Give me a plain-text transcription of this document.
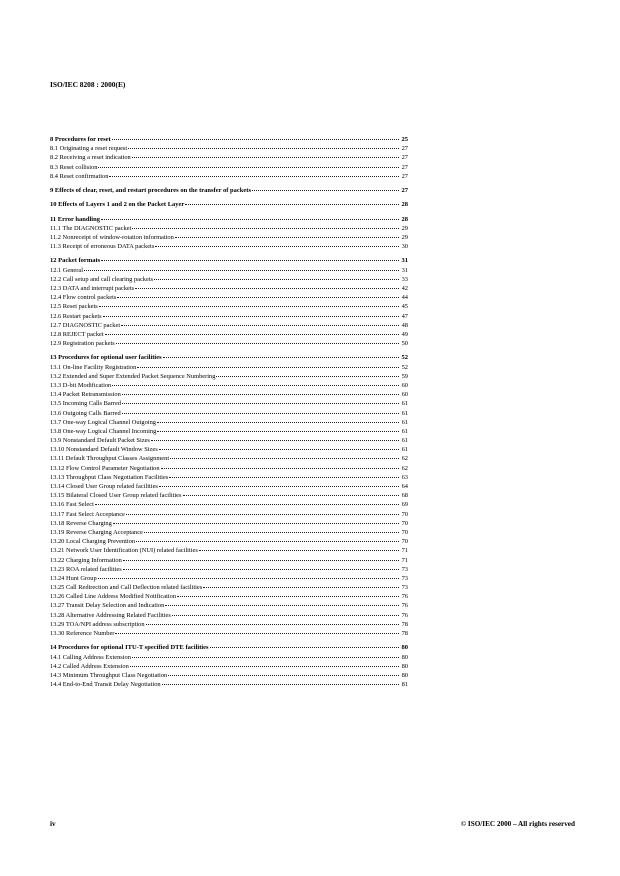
ISO/IEC 8208 : 2000(E)
8 Procedures for reset	25
8.1 Originating a reset request	27
8.2 Receiving a reset indication	27
8.3 Reset collision	27
8.4 Reset confirmation	27
9 Effects of clear, reset, and restart procedures on the transfer of packets	27
10 Effects of Layers 1 and 2 on the Packet Layer	28
11 Error handling	28
11.1 The DIAGNOSTIC packet	29
11.2 Nonreceipt of window-rotation information	29
11.3 Receipt of erroneous DATA packets	30
12 Packet formats	31
12.1 General	31
12.2 Call setup and call clearing packets	33
12.3 DATA and interrupt packets	42
12.4 Flow control packets	44
12.5 Reset packets	45
12.6 Restart packets	47
12.7 DIAGNOSTIC packet	48
12.8 REJECT packet	49
12.9 Registration packets	50
13 Procedures for optional user facilities	52
13.1 On-line Facility Registration	52
13.2 Extended and Super Extended Packet Sequence Numbering	59
13.3 D-bit Modification	60
13.4 Packet Retransmission	60
13.5 Incoming Calls Barred	61
13.6 Outgoing Calls Barred	61
13.7 One-way Logical Channel Outgoing	61
13.8 One-way Logical Channel Incoming	61
13.9 Nonstandard Default Packet Sizes	61
13.10 Nonstandard Default Window Sizes	61
13.11 Default Throughput Classes Assignment	62
13.12 Flow Control Parameter Negotiation	62
13.13 Throughput Class Negotiation Facilities	63
13.14 Closed User Group related facilities	64
13.15 Bilateral Closed User Group related facilities	68
13.16 Fast Select	69
13.17 Fast Select Acceptance	70
13.18 Reverse Charging	70
13.19 Reverse Charging Acceptance	70
13.20 Local Charging Prevention	70
13.21 Network User Identification (NUI) related facilities	71
13.22 Charging Information	71
13.23 ROA related facilities	73
13.24 Hunt Group	73
13.25 Call Redirection and Call Deflection related facilities	73
13.26 Called Line Address Modified Notification	76
13.27 Transit Delay Selection and Indication	76
13.28 Alternative Addressing Related Facilities	76
13.29 TOA/NPI address subscription	78
13.30 Reference Number	78
14 Procedures for optional ITU-T specified DTE facilities	80
14.1 Calling Address Extension	80
14.2 Called Address Extension	80
14.3 Minimum Throughput Class Negotiation	80
14.4 End-to-End Transit Delay Negotiation	81
iv	© ISO/IEC 2000 – All rights reserved
